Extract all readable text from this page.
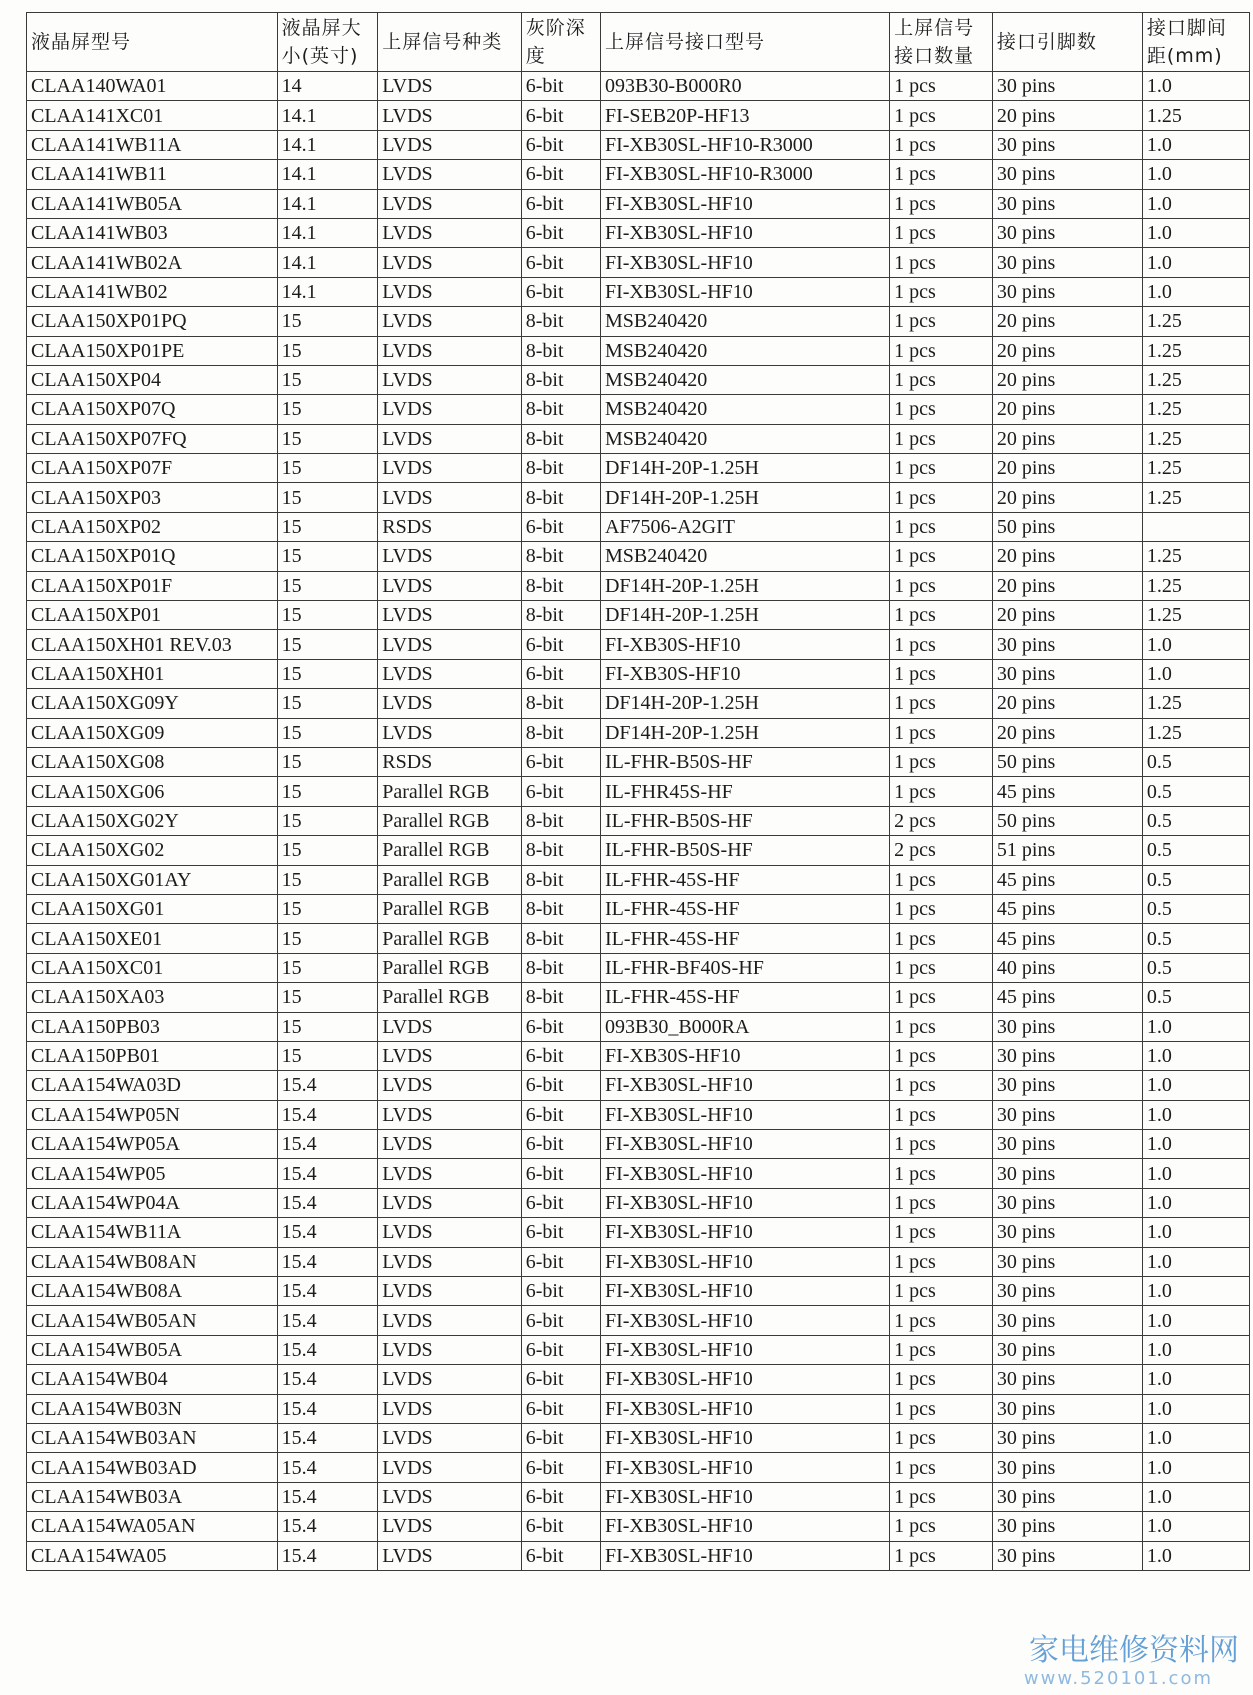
液晶屏型号	液晶屏大小(英寸)	上屏信号种类	灰阶深度	上屏信号接口型号	上屏信号接口数量	接口引脚数	接口脚间距(mm)
CLAA140WA01	14	LVDS	6-bit	093B30-B000R0	1 pcs	30 pins	1.0
CLAA141XC01	14.1	LVDS	6-bit	FI-SEB20P-HF13	1 pcs	20 pins	1.25
CLAA141WB11A	14.1	LVDS	6-bit	FI-XB30SL-HF10-R3000	1 pcs	30 pins	1.0
CLAA141WB11	14.1	LVDS	6-bit	FI-XB30SL-HF10-R3000	1 pcs	30 pins	1.0
CLAA141WB05A	14.1	LVDS	6-bit	FI-XB30SL-HF10	1 pcs	30 pins	1.0
CLAA141WB03	14.1	LVDS	6-bit	FI-XB30SL-HF10	1 pcs	30 pins	1.0
CLAA141WB02A	14.1	LVDS	6-bit	FI-XB30SL-HF10	1 pcs	30 pins	1.0
CLAA141WB02	14.1	LVDS	6-bit	FI-XB30SL-HF10	1 pcs	30 pins	1.0
CLAA150XP01PQ	15	LVDS	8-bit	MSB240420	1 pcs	20 pins	1.25
CLAA150XP01PE	15	LVDS	8-bit	MSB240420	1 pcs	20 pins	1.25
CLAA150XP04	15	LVDS	8-bit	MSB240420	1 pcs	20 pins	1.25
CLAA150XP07Q	15	LVDS	8-bit	MSB240420	1 pcs	20 pins	1.25
CLAA150XP07FQ	15	LVDS	8-bit	MSB240420	1 pcs	20 pins	1.25
CLAA150XP07F	15	LVDS	8-bit	DF14H-20P-1.25H	1 pcs	20 pins	1.25
CLAA150XP03	15	LVDS	8-bit	DF14H-20P-1.25H	1 pcs	20 pins	1.25
CLAA150XP02	15	RSDS	6-bit	AF7506-A2GIT	1 pcs	50 pins	
CLAA150XP01Q	15	LVDS	8-bit	MSB240420	1 pcs	20 pins	1.25
CLAA150XP01F	15	LVDS	8-bit	DF14H-20P-1.25H	1 pcs	20 pins	1.25
CLAA150XP01	15	LVDS	8-bit	DF14H-20P-1.25H	1 pcs	20 pins	1.25
CLAA150XH01 REV.03	15	LVDS	6-bit	FI-XB30S-HF10	1 pcs	30 pins	1.0
CLAA150XH01	15	LVDS	6-bit	FI-XB30S-HF10	1 pcs	30 pins	1.0
CLAA150XG09Y	15	LVDS	8-bit	DF14H-20P-1.25H	1 pcs	20 pins	1.25
CLAA150XG09	15	LVDS	8-bit	DF14H-20P-1.25H	1 pcs	20 pins	1.25
CLAA150XG08	15	RSDS	6-bit	IL-FHR-B50S-HF	1 pcs	50 pins	0.5
CLAA150XG06	15	Parallel RGB	6-bit	IL-FHR45S-HF	1 pcs	45 pins	0.5
CLAA150XG02Y	15	Parallel RGB	8-bit	IL-FHR-B50S-HF	2 pcs	50 pins	0.5
CLAA150XG02	15	Parallel RGB	8-bit	IL-FHR-B50S-HF	2 pcs	51 pins	0.5
CLAA150XG01AY	15	Parallel RGB	8-bit	IL-FHR-45S-HF	1 pcs	45 pins	0.5
CLAA150XG01	15	Parallel RGB	8-bit	IL-FHR-45S-HF	1 pcs	45 pins	0.5
CLAA150XE01	15	Parallel RGB	8-bit	IL-FHR-45S-HF	1 pcs	45 pins	0.5
CLAA150XC01	15	Parallel RGB	8-bit	IL-FHR-BF40S-HF	1 pcs	40 pins	0.5
CLAA150XA03	15	Parallel RGB	8-bit	IL-FHR-45S-HF	1 pcs	45 pins	0.5
CLAA150PB03	15	LVDS	6-bit	093B30_B000RA	1 pcs	30 pins	1.0
CLAA150PB01	15	LVDS	6-bit	FI-XB30S-HF10	1 pcs	30 pins	1.0
CLAA154WA03D	15.4	LVDS	6-bit	FI-XB30SL-HF10	1 pcs	30 pins	1.0
CLAA154WP05N	15.4	LVDS	6-bit	FI-XB30SL-HF10	1 pcs	30 pins	1.0
CLAA154WP05A	15.4	LVDS	6-bit	FI-XB30SL-HF10	1 pcs	30 pins	1.0
CLAA154WP05	15.4	LVDS	6-bit	FI-XB30SL-HF10	1 pcs	30 pins	1.0
CLAA154WP04A	15.4	LVDS	6-bit	FI-XB30SL-HF10	1 pcs	30 pins	1.0
CLAA154WB11A	15.4	LVDS	6-bit	FI-XB30SL-HF10	1 pcs	30 pins	1.0
CLAA154WB08AN	15.4	LVDS	6-bit	FI-XB30SL-HF10	1 pcs	30 pins	1.0
CLAA154WB08A	15.4	LVDS	6-bit	FI-XB30SL-HF10	1 pcs	30 pins	1.0
CLAA154WB05AN	15.4	LVDS	6-bit	FI-XB30SL-HF10	1 pcs	30 pins	1.0
CLAA154WB05A	15.4	LVDS	6-bit	FI-XB30SL-HF10	1 pcs	30 pins	1.0
CLAA154WB04	15.4	LVDS	6-bit	FI-XB30SL-HF10	1 pcs	30 pins	1.0
CLAA154WB03N	15.4	LVDS	6-bit	FI-XB30SL-HF10	1 pcs	30 pins	1.0
CLAA154WB03AN	15.4	LVDS	6-bit	FI-XB30SL-HF10	1 pcs	30 pins	1.0
CLAA154WB03AD	15.4	LVDS	6-bit	FI-XB30SL-HF10	1 pcs	30 pins	1.0
CLAA154WB03A	15.4	LVDS	6-bit	FI-XB30SL-HF10	1 pcs	30 pins	1.0
CLAA154WA05AN	15.4	LVDS	6-bit	FI-XB30SL-HF10	1 pcs	30 pins	1.0
CLAA154WA05	15.4	LVDS	6-bit	FI-XB30SL-HF10	1 pcs	30 pins	1.0
家电维修资料网
www.520101.com
